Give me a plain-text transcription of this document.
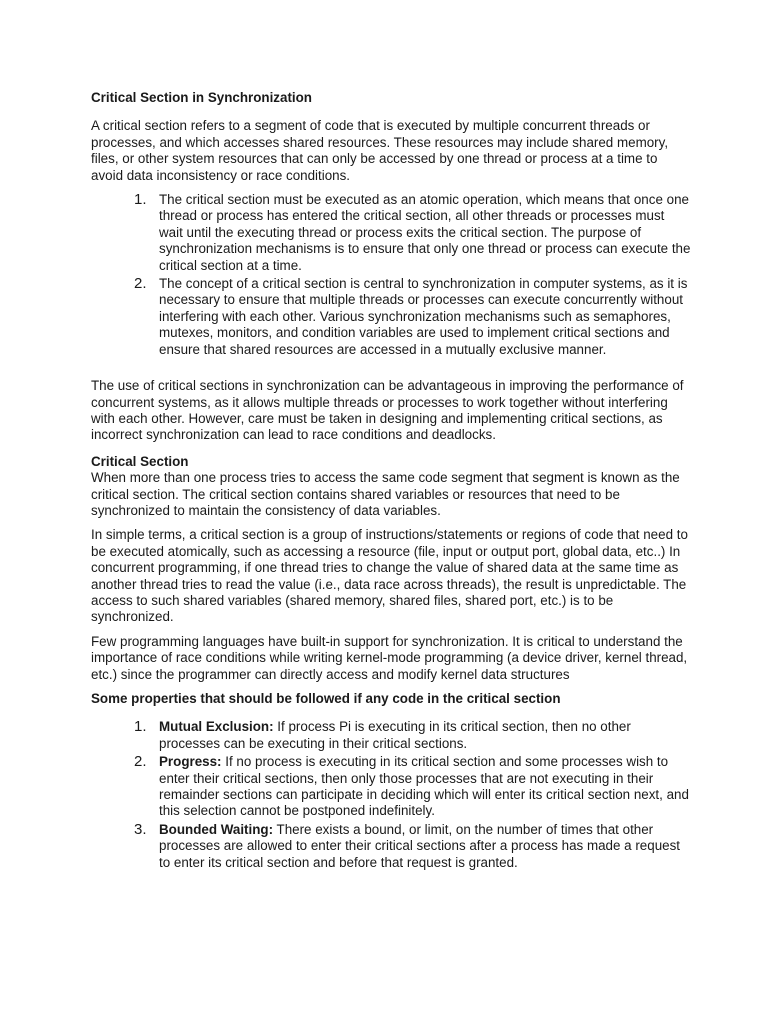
Critical Section in Synchronization

A critical section refers to a segment of code that is executed by multiple concurrent threads or processes, and which accesses shared resources. These resources may include shared memory, files, or other system resources that can only be accessed by one thread or process at a time to avoid data inconsistency or race conditions.

1. The critical section must be executed as an atomic operation, which means that once one thread or process has entered the critical section, all other threads or processes must wait until the executing thread or process exits the critical section. The purpose of synchronization mechanisms is to ensure that only one thread or process can execute the critical section at a time.
2. The concept of a critical section is central to synchronization in computer systems, as it is necessary to ensure that multiple threads or processes can execute concurrently without interfering with each other. Various synchronization mechanisms such as semaphores, mutexes, monitors, and condition variables are used to implement critical sections and ensure that shared resources are accessed in a mutually exclusive manner.

The use of critical sections in synchronization can be advantageous in improving the performance of concurrent systems, as it allows multiple threads or processes to work together without interfering with each other. However, care must be taken in designing and implementing critical sections, as incorrect synchronization can lead to race conditions and deadlocks.

Critical Section

When more than one process tries to access the same code segment that segment is known as the critical section. The critical section contains shared variables or resources that need to be synchronized to maintain the consistency of data variables.

In simple terms, a critical section is a group of instructions/statements or regions of code that need to be executed atomically, such as accessing a resource (file, input or output port, global data, etc..) In concurrent programming, if one thread tries to change the value of shared data at the same time as another thread tries to read the value (i.e., data race across threads), the result is unpredictable. The access to such shared variables (shared memory, shared files, shared port, etc.) is to be synchronized.

Few programming languages have built-in support for synchronization. It is critical to understand the importance of race conditions while writing kernel-mode programming (a device driver, kernel thread, etc.) since the programmer can directly access and modify kernel data structures

Some properties that should be followed if any code in the critical section
1. Mutual Exclusion: If process Pi is executing in its critical section, then no other processes can be executing in their critical sections.
2. Progress: If no process is executing in its critical section and some processes wish to enter their critical sections, then only those processes that are not executing in their remainder sections can participate in deciding which will enter its critical section next, and this selection cannot be postponed indefinitely.
3. Bounded Waiting: There exists a bound, or limit, on the number of times that other processes are allowed to enter their critical sections after a process has made a request to enter its critical section and before that request is granted.
